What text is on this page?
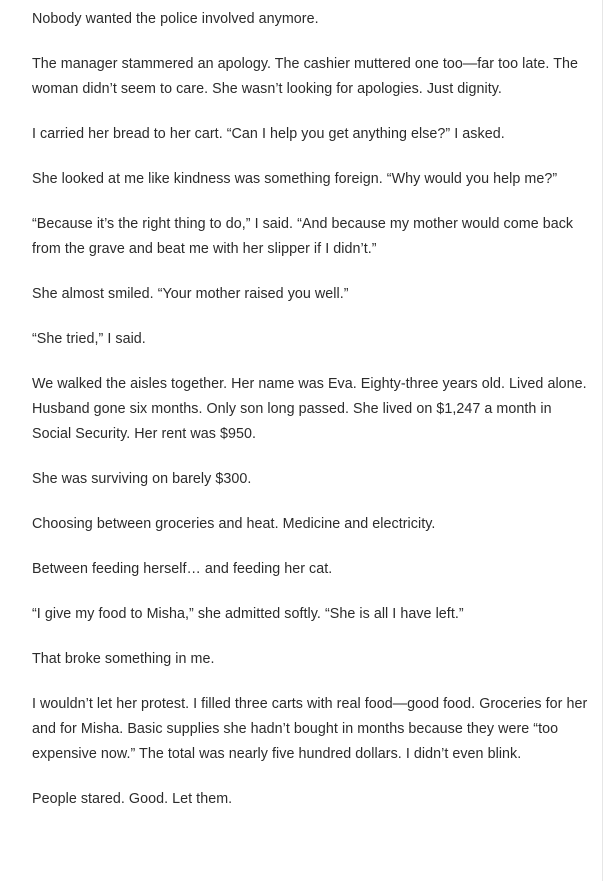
Nobody wanted the police involved anymore.

The manager stammered an apology. The cashier muttered one too—far too late. The woman didn’t seem to care. She wasn’t looking for apologies. Just dignity.

I carried her bread to her cart. “Can I help you get anything else?” I asked.

She looked at me like kindness was something foreign. “Why would you help me?”

“Because it’s the right thing to do,” I said. “And because my mother would come back from the grave and beat me with her slipper if I didn’t.”

She almost smiled. “Your mother raised you well.”

“She tried,” I said.

We walked the aisles together. Her name was Eva. Eighty-three years old. Lived alone. Husband gone six months. Only son long passed. She lived on $1,247 a month in Social Security. Her rent was $950.

She was surviving on barely $300.

Choosing between groceries and heat. Medicine and electricity.

Between feeding herself… and feeding her cat.

“I give my food to Misha,” she admitted softly. “She is all I have left.”

That broke something in me.

I wouldn’t let her protest. I filled three carts with real food—good food. Groceries for her and for Misha. Basic supplies she hadn’t bought in months because they were “too expensive now.” The total was nearly five hundred dollars. I didn’t even blink.

People stared. Good. Let them.
